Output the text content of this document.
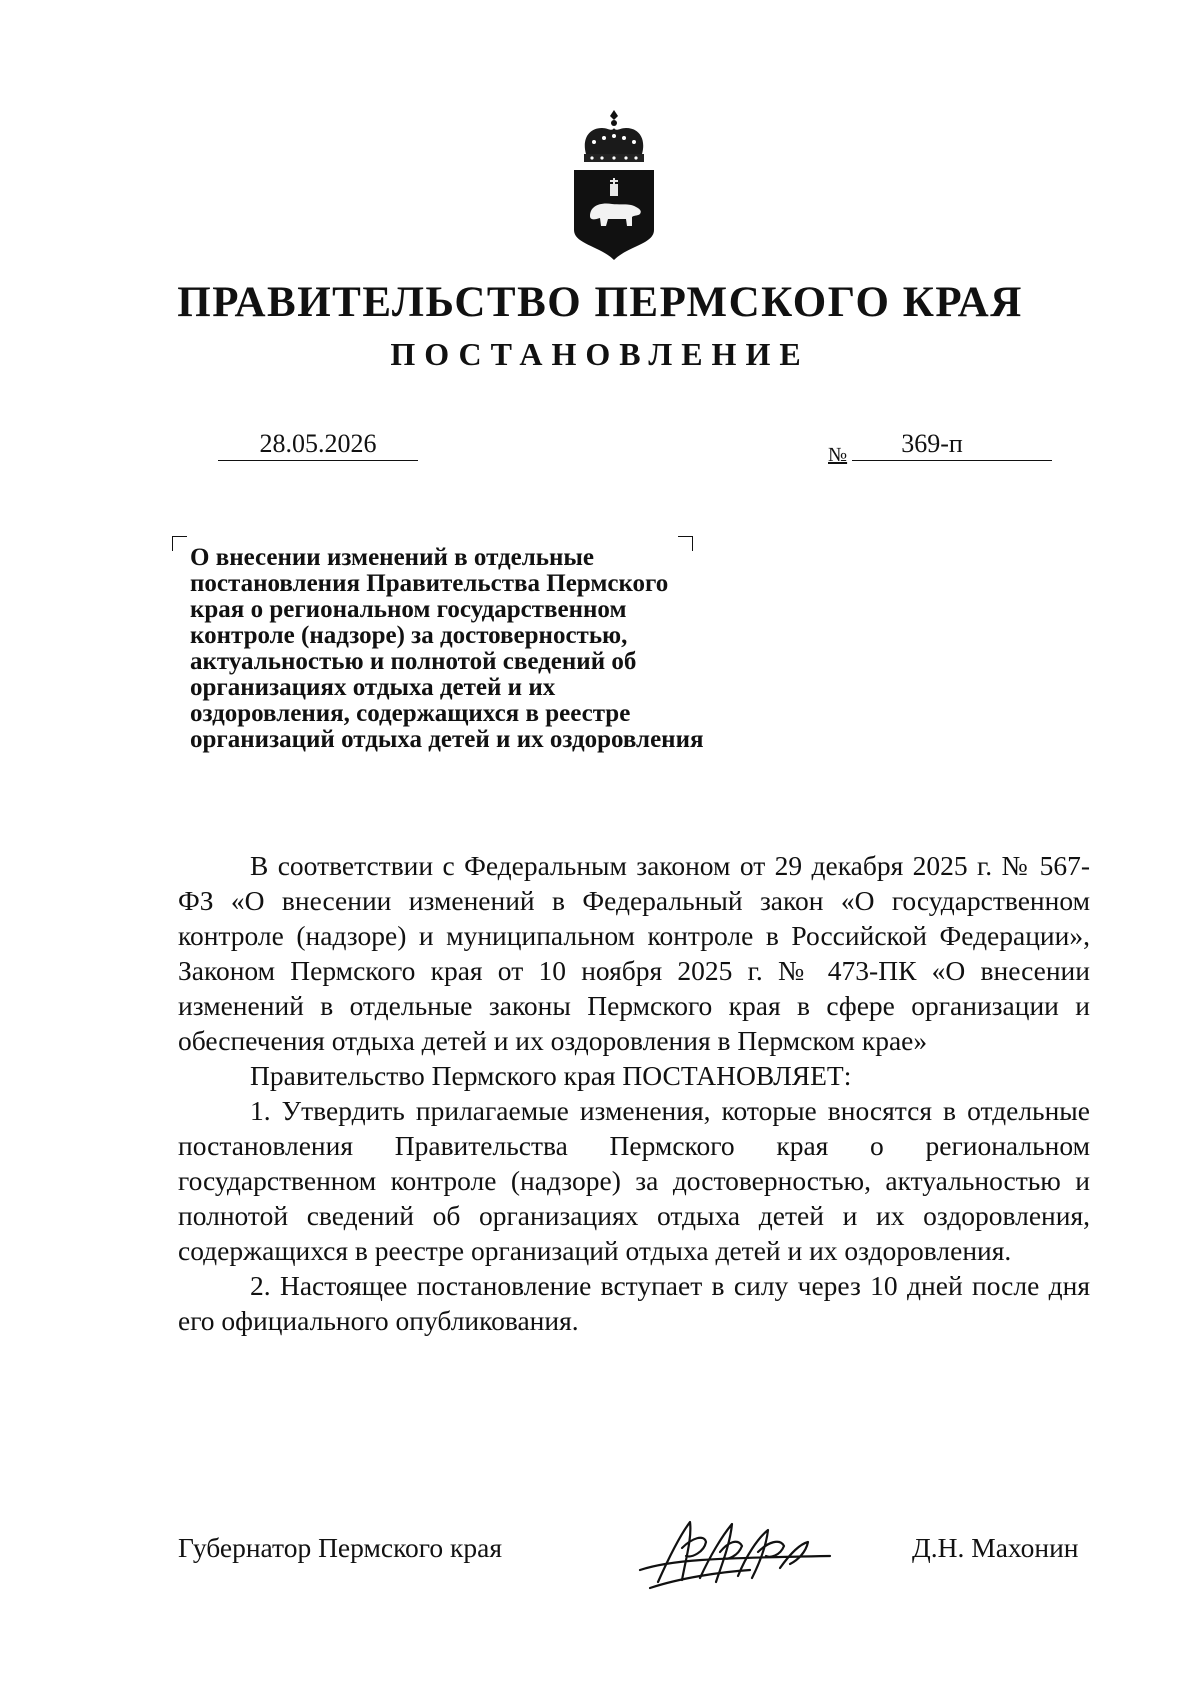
ПРАВИТЕЛЬСТВО ПЕРМСКОГО КРАЯ
ПОСТАНОВЛЕНИЕ
28.05.2026	№	369-п

О внесении изменений в отдельные постановления Правительства Пермского края о региональном государственном контроле (надзоре) за достоверностью, актуальностью и полнотой сведений об организациях отдыха детей и их оздоровления, содержащихся в реестре организаций отдыха детей и их оздоровления

В соответствии с Федеральным законом от 29 декабря 2025 г. № 567-ФЗ «О внесении изменений в Федеральный закон «О государственном контроле (надзоре) и муниципальном контроле в Российской Федерации», Законом Пермского края от 10 ноября 2025 г. № 473-ПК «О внесении изменений в отдельные законы Пермского края в сфере организации и обеспечения отдыха детей и их оздоровления в Пермском крае»

Правительство Пермского края ПОСТАНОВЛЯЕТ:

1. Утвердить прилагаемые изменения, которые вносятся в отдельные постановления Правительства Пермского края о региональном государственном контроле (надзоре) за достоверностью, актуальностью и полнотой сведений об организациях отдыха детей и их оздоровления, содержащихся в реестре организаций отдыха детей и их оздоровления.

2. Настоящее постановление вступает в силу через 10 дней после дня его официального опубликования.

Губернатор Пермского края	Д.Н. Махонин
